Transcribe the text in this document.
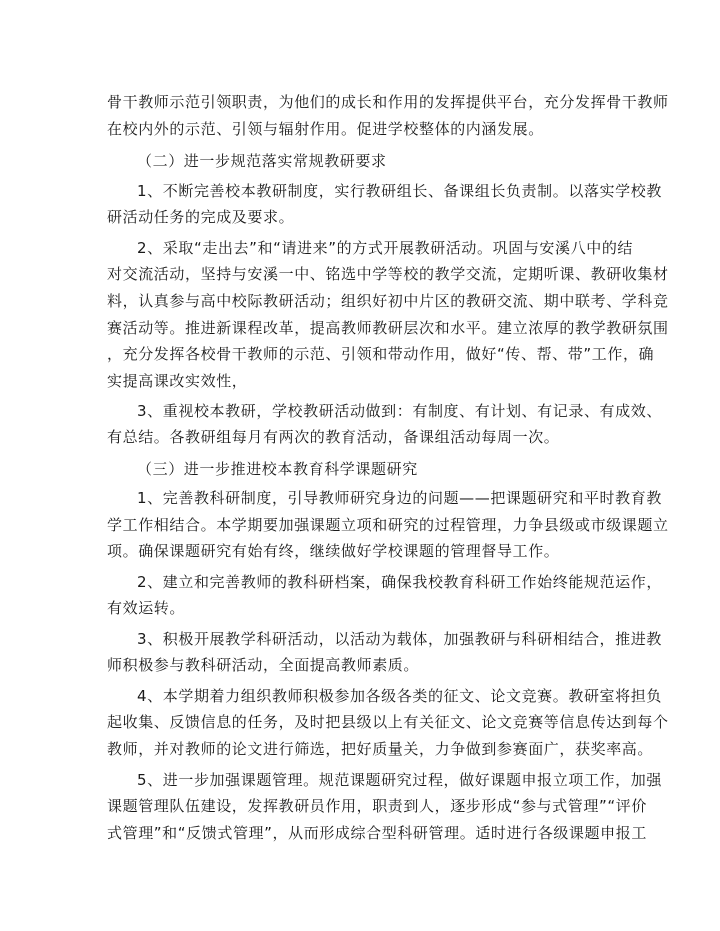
骨干教师示范引领职责，为他们的成长和作用的发挥提供平台，充分发挥骨干教师
在校内外的示范、引领与辐射作用。促进学校整体的内涵发展。
（二）进一步规范落实常规教研要求
1、不断完善校本教研制度，实行教研组长、备课组长负责制。以落实学校教
研活动任务的完成及要求。
2、采取“走出去”和“请进来”的方式开展教研活动。巩固与安溪八中的结
对交流活动，坚持与安溪一中、铭选中学等校的教学交流，定期听课、教研收集材
料，认真参与高中校际教研活动；组织好初中片区的教研交流、期中联考、学科竞
赛活动等。推进新课程改革，提高教师教研层次和水平。建立浓厚的教学教研氛围
，充分发挥各校骨干教师的示范、引领和带动作用，做好“传、帮、带”工作，确
实提高课改实效性，
3、重视校本教研，学校教研活动做到：有制度、有计划、有记录、有成效、
有总结。各教研组每月有两次的教育活动，备课组活动每周一次。
（三）进一步推进校本教育科学课题研究
1、完善教科研制度，引导教师研究身边的问题——把课题研究和平时教育教
学工作相结合。本学期要加强课题立项和研究的过程管理，力争县级或市级课题立
项。确保课题研究有始有终，继续做好学校课题的管理督导工作。
2、建立和完善教师的教科研档案，确保我校教育科研工作始终能规范运作，
有效运转。
3、积极开展教学科研活动，以活动为载体，加强教研与科研相结合，推进教
师积极参与教科研活动，全面提高教师素质。
4、本学期着力组织教师积极参加各级各类的征文、论文竞赛。教研室将担负
起收集、反馈信息的任务，及时把县级以上有关征文、论文竞赛等信息传达到每个
教师，并对教师的论文进行筛选，把好质量关，力争做到参赛面广，获奖率高。
5、进一步加强课题管理。规范课题研究过程，做好课题申报立项工作，加强
课题管理队伍建设，发挥教研员作用，职责到人，逐步形成“参与式管理”“评价
式管理”和“反馈式管理”，从而形成综合型科研管理。适时进行各级课题申报工
